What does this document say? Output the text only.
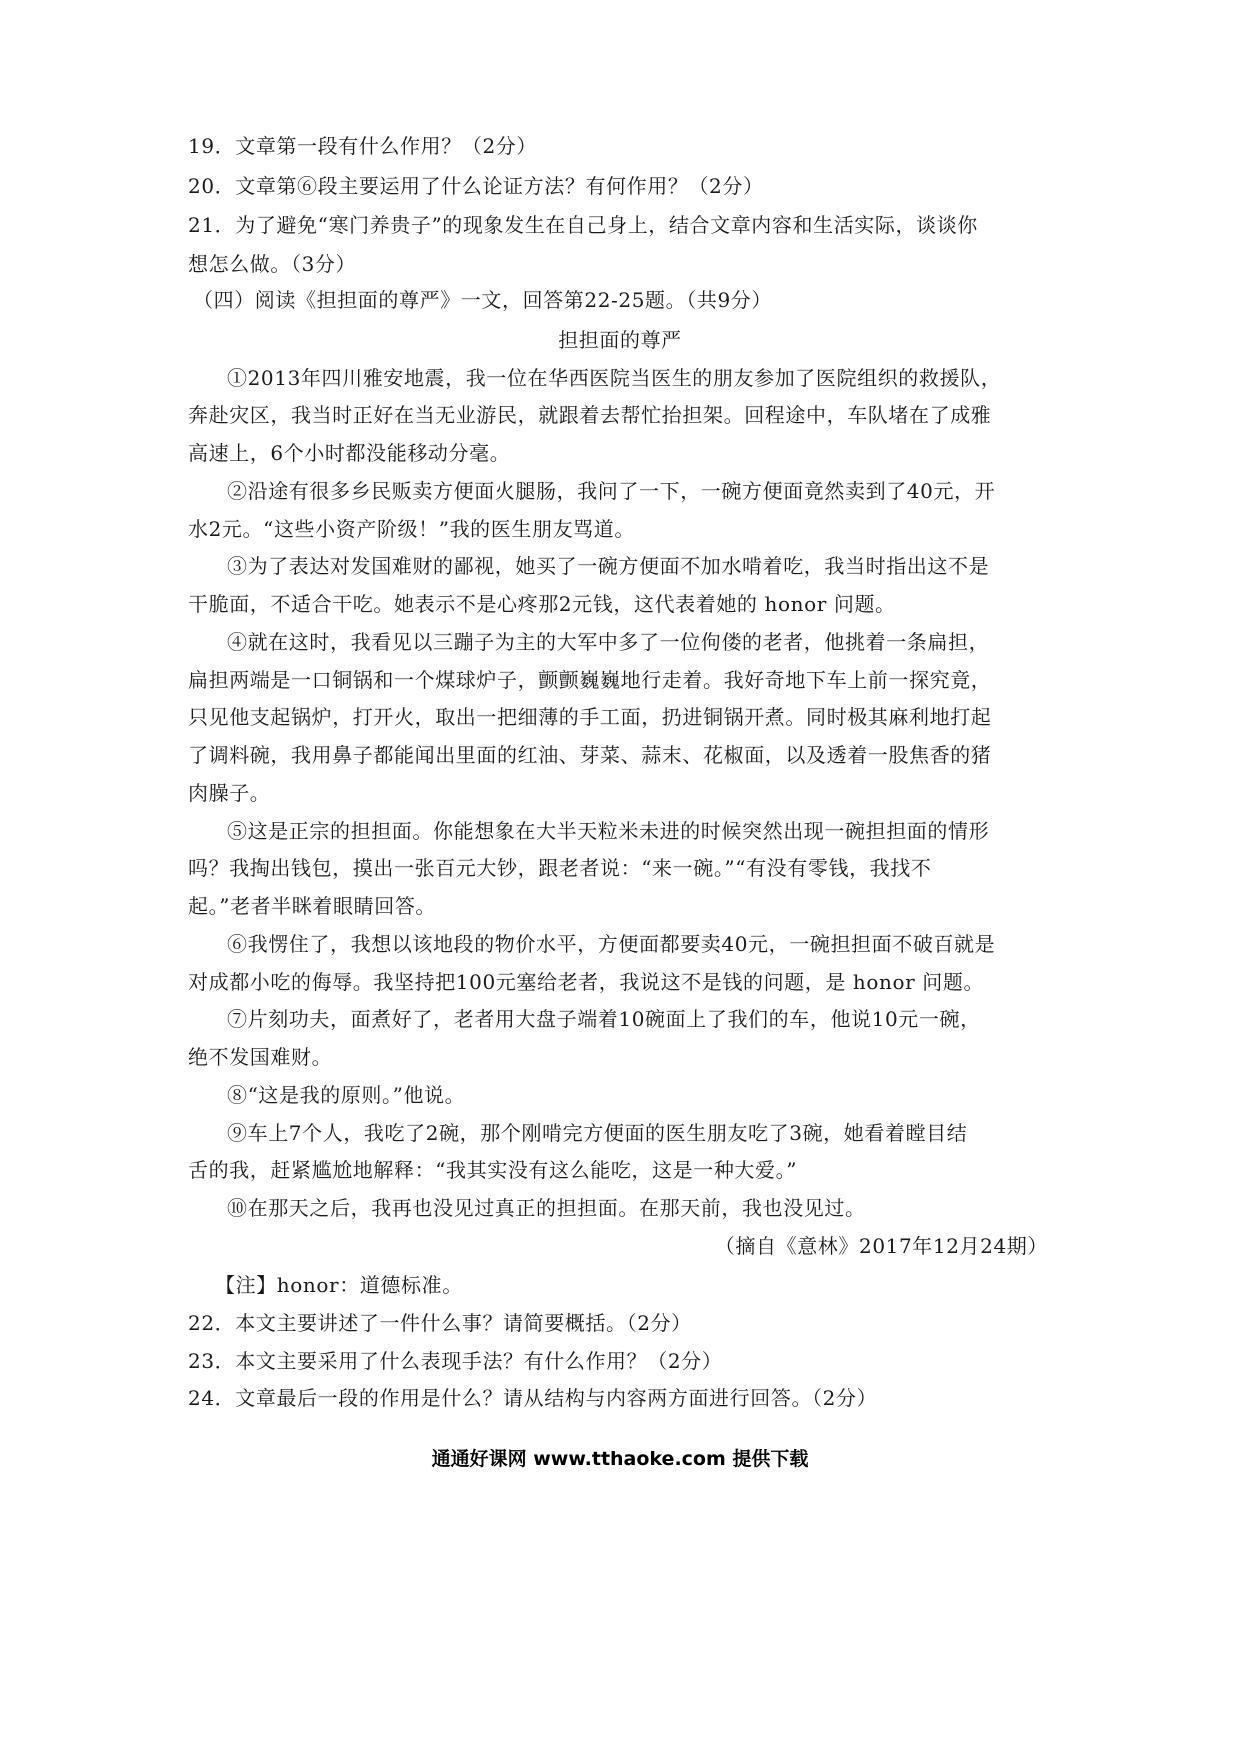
19．文章第一段有什么作用？（2分）
20．文章第⑥段主要运用了什么论证方法？有何作用？（2分）
21．为了避免“寒门养贵子”的现象发生在自己身上，结合文章内容和生活实际，谈谈你
想怎么做。（3分）
（四）阅读《担担面的尊严》一文，回答第22-25题。（共9分）
担担面的尊严
①2013年四川雅安地震，我一位在华西医院当医生的朋友参加了医院组织的救援队，
奔赴灾区，我当时正好在当无业游民，就跟着去帮忙抬担架。回程途中，车队堵在了成雅
高速上，6个小时都没能移动分毫。
②沿途有很多乡民贩卖方便面火腿肠，我问了一下，一碗方便面竟然卖到了40元，开
水2元。“这些小资产阶级！”我的医生朋友骂道。
③为了表达对发国难财的鄙视，她买了一碗方便面不加水啃着吃，我当时指出这不是
干脆面，不适合干吃。她表示不是心疼那2元钱，这代表着她的 honor 问题。
④就在这时，我看见以三蹦子为主的大军中多了一位佝偻的老者，他挑着一条扁担，
扁担两端是一口铜锅和一个煤球炉子，颤颤巍巍地行走着。我好奇地下车上前一探究竟，
只见他支起锅炉，打开火，取出一把细薄的手工面，扔进铜锅开煮。同时极其麻利地打起
了调料碗，我用鼻子都能闻出里面的红油、芽菜、蒜末、花椒面，以及透着一股焦香的猪
肉臊子。
⑤这是正宗的担担面。你能想象在大半天粒米未进的时候突然出现一碗担担面的情形
吗？我掏出钱包，摸出一张百元大钞，跟老者说：“来一碗。”“有没有零钱，我找不
起。”老者半眯着眼睛回答。
⑥我愣住了，我想以该地段的物价水平，方便面都要卖40元，一碗担担面不破百就是
对成都小吃的侮辱。我坚持把100元塞给老者，我说这不是钱的问题，是 honor 问题。
⑦片刻功夫，面煮好了，老者用大盘子端着10碗面上了我们的车，他说10元一碗，
绝不发国难财。
⑧“这是我的原则。”他说。
⑨车上7个人，我吃了2碗，那个刚啃完方便面的医生朋友吃了3碗，她看着瞠目结
舌的我，赶紧尴尬地解释：“我其实没有这么能吃，这是一种大爱。”
⑩在那天之后，我再也没见过真正的担担面。在那天前，我也没见过。
（摘自《意林》2017年12月24期）
【注】honor：道德标准。
22．本文主要讲述了一件什么事？请简要概括。（2分）
23．本文主要采用了什么表现手法？有什么作用？（2分）
24．文章最后一段的作用是什么？请从结构与内容两方面进行回答。（2分）
通通好课网 www.tthaoke.com 提供下载
